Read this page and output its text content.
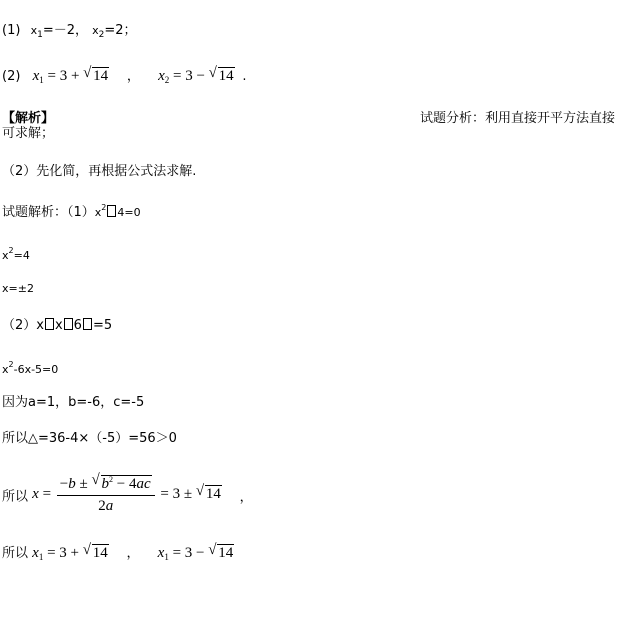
(1) $x_1=-2$， $x_2=2$；
(2) $x_1 = 3$ + √ 14 ， $x_2 = 3$ − √ 14 .
【解析】	试题分析：利用直接开平方法直接
可求解；
（2）先化简，再根据公式法求解.
试题解析：$(1)x^2$ 4=0
$x^2=4$
x=±2
（2）x x 6 =5
$x^2-6x-5=0$
因为a=1，b=-6，c=-5
所以△=36-4×（-5）=56＞0
所以 $x = \frac{-b \pm √ b^2 - 4ac}{2a} = 3$ ± √ 14 ，
所以 $x_1 = 3$ + √ 14 ， $x_1 = 3$ − √ 14
